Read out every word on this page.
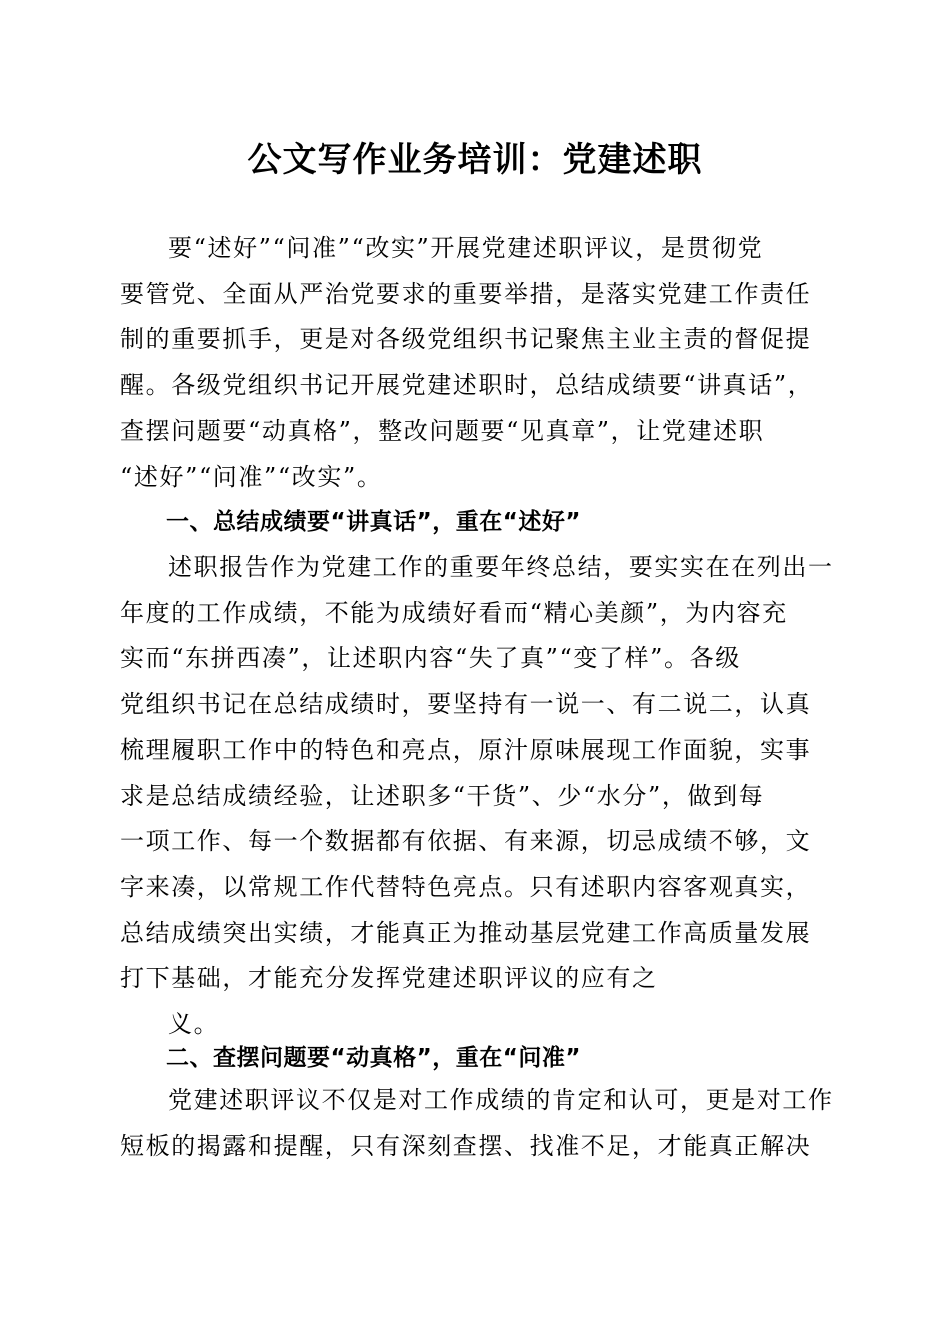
公文写作业务培训：党建述职
要“述好”“问准”“改实”开展党建述职评议，是贯彻党
要管党、全面从严治党要求的重要举措，是落实党建工作责任
制的重要抓手，更是对各级党组织书记聚焦主业主责的督促提
醒。各级党组织书记开展党建述职时，总结成绩要“讲真话”，
查摆问题要“动真格”，整改问题要“见真章”，让党建述职
“述好”“问准”“改实”。
一、总结成绩要“讲真话”，重在“述好”
述职报告作为党建工作的重要年终总结，要实实在在列出一
年度的工作成绩，不能为成绩好看而“精心美颜”，为内容充
实而“东拼西凑”，让述职内容“失了真”“变了样”。各级
党组织书记在总结成绩时，要坚持有一说一、有二说二，认真
梳理履职工作中的特色和亮点，原汁原味展现工作面貌，实事
求是总结成绩经验，让述职多“干货”、少“水分”，做到每
一项工作、每一个数据都有依据、有来源，切忌成绩不够，文
字来凑，以常规工作代替特色亮点。只有述职内容客观真实，
总结成绩突出实绩，才能真正为推动基层党建工作高质量发展
打下基础，才能充分发挥党建述职评议的应有之
义。
二、查摆问题要“动真格”，重在“问准”
党建述职评议不仅是对工作成绩的肯定和认可，更是对工作
短板的揭露和提醒，只有深刻查摆、找准不足，才能真正解决
